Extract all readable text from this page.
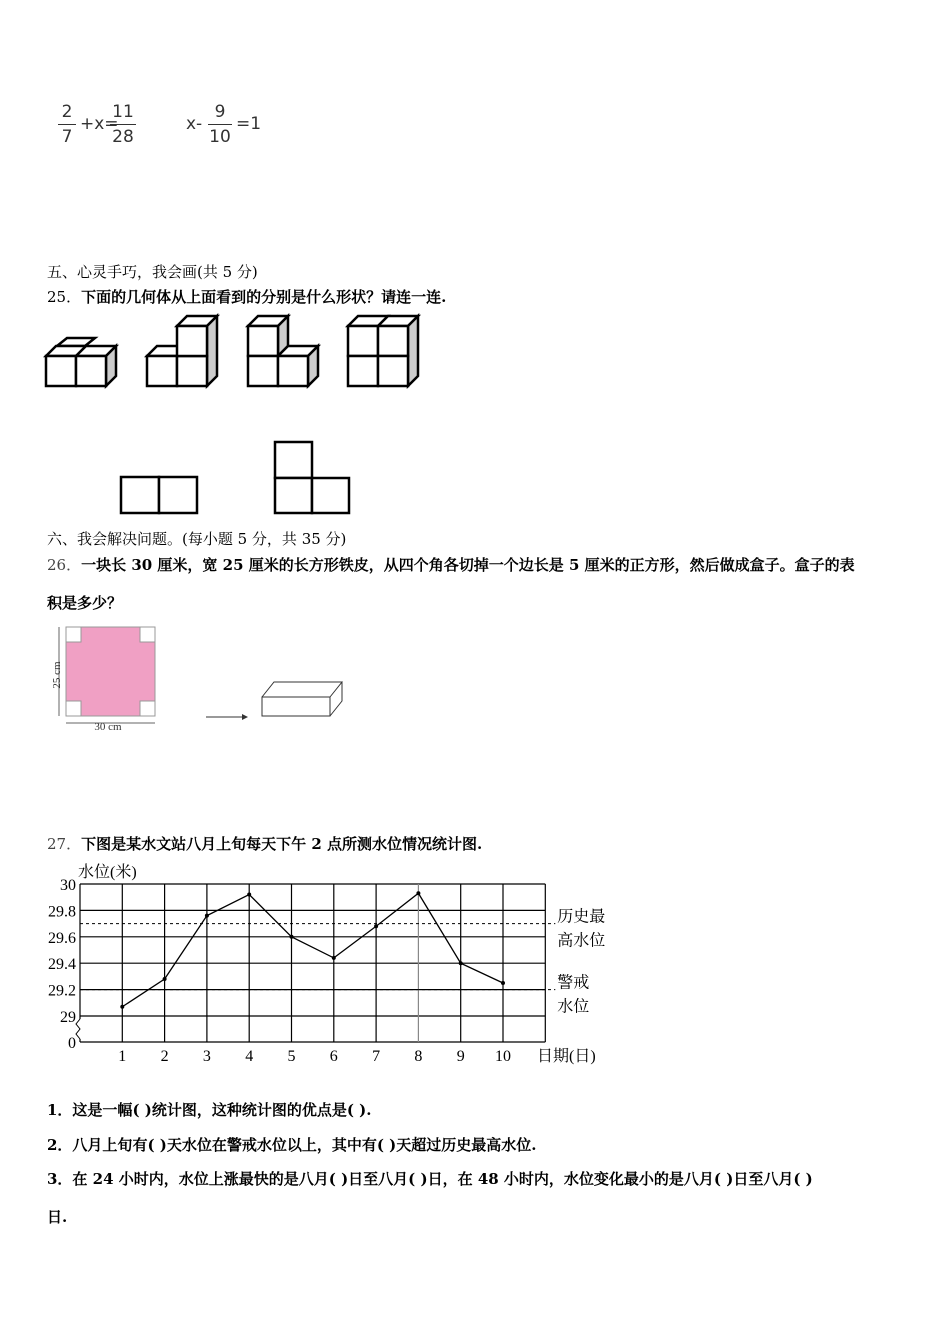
2
7
+x=
11
28
x-
9
10
=1
五、心灵手巧，我会画(共 5 分)
25．下面的几何体从上面看到的分别是什么形状？请连一连.
六、我会解决问题。(每小题 5 分，共 35 分)
26．一块长 30 厘米，宽 25 厘米的长方形铁皮，从四个角各切掉一个边长是 5 厘米的正方形，然后做成盒子。盒子的表
积是多少？
25 cm
30 cm
27．下图是某水文站八月上旬每天下午 2 点所测水位情况统计图.
水位(米)
日期(日)
30
29.8
29.6
29.4
29.2
29
0
1 2 3 4 5 6 7 8 9 10
历史最
高水位
警戒
水位
1．这是一幅( )统计图，这种统计图的优点是( ).
2．八月上旬有( )天水位在警戒水位以上，其中有( )天超过历史最高水位.
3．在 24 小时内，水位上涨最快的是八月( )日至八月( )日，在 48 小时内，水位变化最小的是八月( )日至八月( )
日.
